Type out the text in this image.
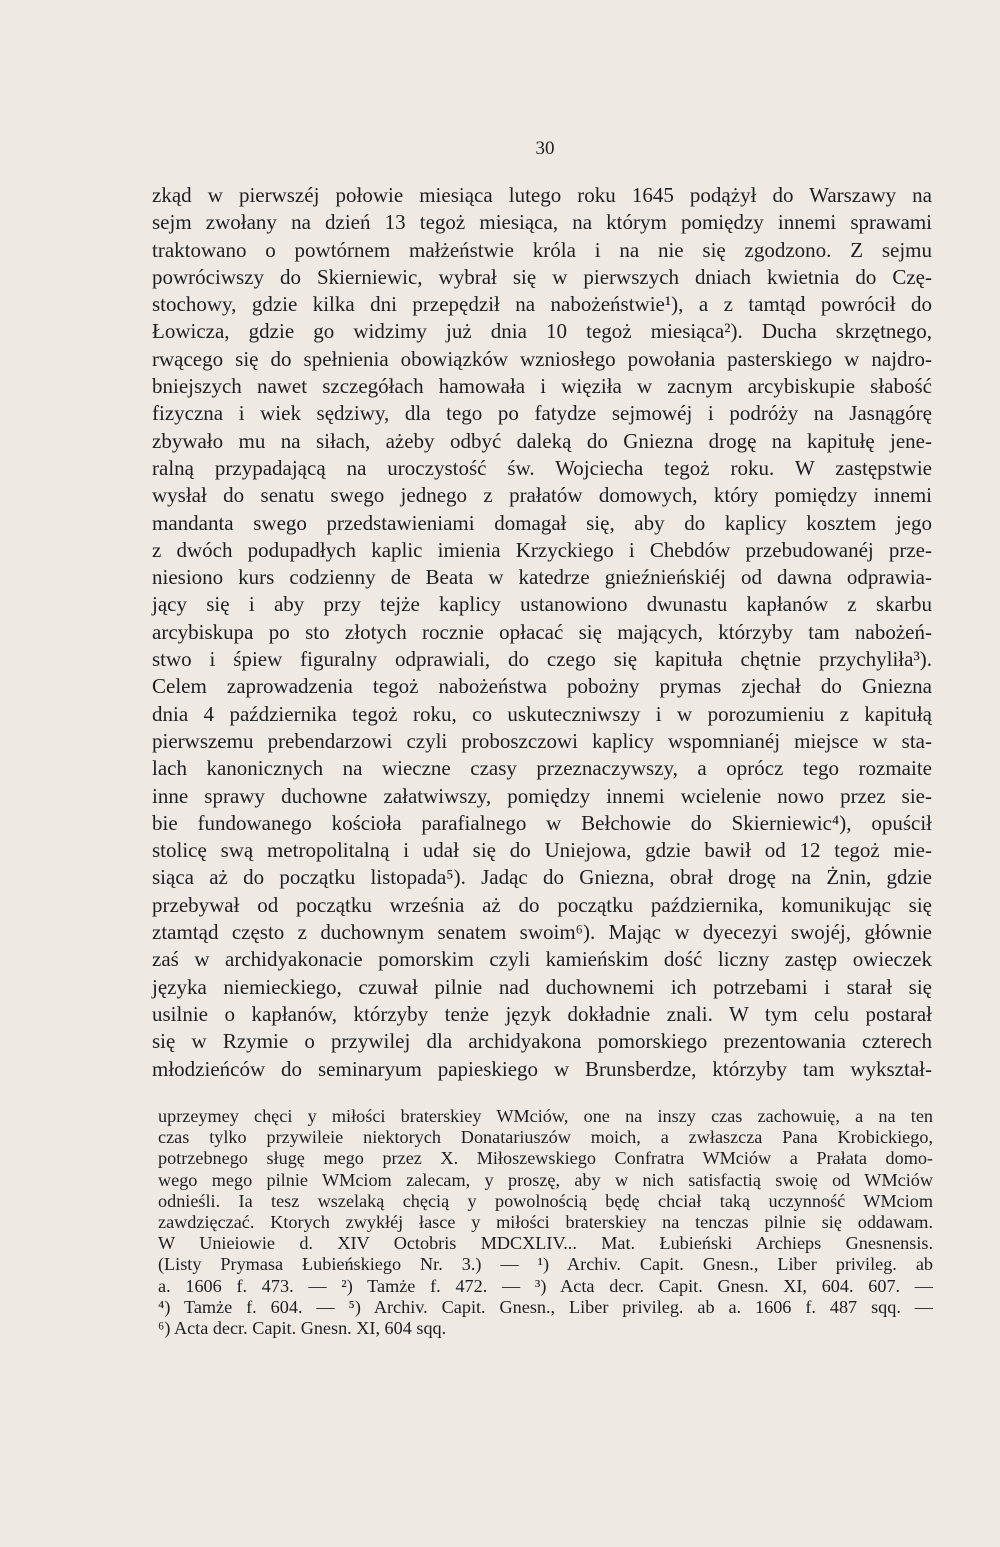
30
zkąd w pierwszéj połowie miesiąca lutego roku 1645 podążył do Warszawy na
sejm zwołany na dzień 13 tegoż miesiąca, na którym pomiędzy innemi sprawami
traktowano o powtórnem małżeństwie króla i na nie się zgodzono. Z sejmu
powróciwszy do Skierniewic, wybrał się w pierwszych dniach kwietnia do Czę-
stochowy, gdzie kilka dni przepędził na nabożeństwie¹), a z tamtąd powrócił do
Łowicza, gdzie go widzimy już dnia 10 tegoż miesiąca²). Ducha skrzętnego,
rwącego się do spełnienia obowiązków wzniosłego powołania pasterskiego w najdro-
bniejszych nawet szczegółach hamowała i więziła w zacnym arcybiskupie słabość
fizyczna i wiek sędziwy, dla tego po fatydze sejmowéj i podróży na Jasnągórę
zbywało mu na siłach, ażeby odbyć daleką do Gniezna drogę na kapitułę jene-
ralną przypadającą na uroczystość św. Wojciecha tegoż roku. W zastępstwie
wysłał do senatu swego jednego z prałatów domowych, który pomiędzy innemi
mandanta swego przedstawieniami domagał się, aby do kaplicy kosztem jego
z dwóch podupadłych kaplic imienia Krzyckiego i Chebdów przebudowanéj prze-
niesiono kurs codzienny de Beata w katedrze gnieźnieńskiéj od dawna odprawia-
jący się i aby przy tejże kaplicy ustanowiono dwunastu kapłanów z skarbu
arcybiskupa po sto złotych rocznie opłacać się mających, którzyby tam nabożeń-
stwo i śpiew figuralny odprawiali, do czego się kapituła chętnie przychyliła³).
Celem zaprowadzenia tegoż nabożeństwa pobożny prymas zjechał do Gniezna
dnia 4 października tegoż roku, co uskuteczniwszy i w porozumieniu z kapitułą
pierwszemu prebendarzowi czyli proboszczowi kaplicy wspomnianéj miejsce w sta-
lach kanonicznych na wieczne czasy przeznaczywszy, a oprócz tego rozmaite
inne sprawy duchowne załatwiwszy, pomiędzy innemi wcielenie nowo przez sie-
bie fundowanego kościoła parafialnego w Bełchowie do Skierniewic⁴), opuścił
stolicę swą metropolitalną i udał się do Uniejowa, gdzie bawił od 12 tegoż mie-
siąca aż do początku listopada⁵). Jadąc do Gniezna, obrał drogę na Żnin, gdzie
przebywał od początku września aż do początku października, komunikując się
ztamtąd często z duchownym senatem swoim⁶). Mając w dyecezyi swojéj, głównie
zaś w archidyakonacie pomorskim czyli kamieńskim dość liczny zastęp owieczek
języka niemieckiego, czuwał pilnie nad duchownemi ich potrzebami i starał się
usilnie o kapłanów, którzyby tenże język dokładnie znali. W tym celu postarał
się w Rzymie o przywilej dla archidyakona pomorskiego prezentowania czterech
młodzieńców do seminaryum papieskiego w Brunsberdze, którzyby tam wykształ-
uprzeymey chęci y miłości braterskiey WMciów, one na inszy czas zachowuię, a na ten
czas tylko przywileie niektorych Donatariuszów moich, a zwłaszcza Pana Krobickiego,
potrzebnego sługę mego przez X. Miłoszewskiego Confratra WMciów a Prałata domo-
wego mego pilnie WMciom zalecam, y proszę, aby w nich satisfactią swoię od WMciów
odnieśli. Ia tesz wszelaką chęcią y powolnością będę chciał taką uczynność WMciom
zawdzięczać. Ktorych zwykłéj łasce y miłości braterskiey na tenczas pilnie się oddawam.
W Unieiowie d. XIV Octobris MDCXLIV... Mat. Łubieński Archieps Gnesnensis.
(Listy Prymasa Łubieńskiego Nr. 3.) — ¹) Archiv. Capit. Gnesn., Liber privileg. ab
a. 1606 f. 473. — ²) Tamże f. 472. — ³) Acta decr. Capit. Gnesn. XI, 604. 607. —
⁴) Tamże f. 604. — ⁵) Archiv. Capit. Gnesn., Liber privileg. ab a. 1606 f. 487 sqq. —
⁶) Acta decr. Capit. Gnesn. XI, 604 sqq.
